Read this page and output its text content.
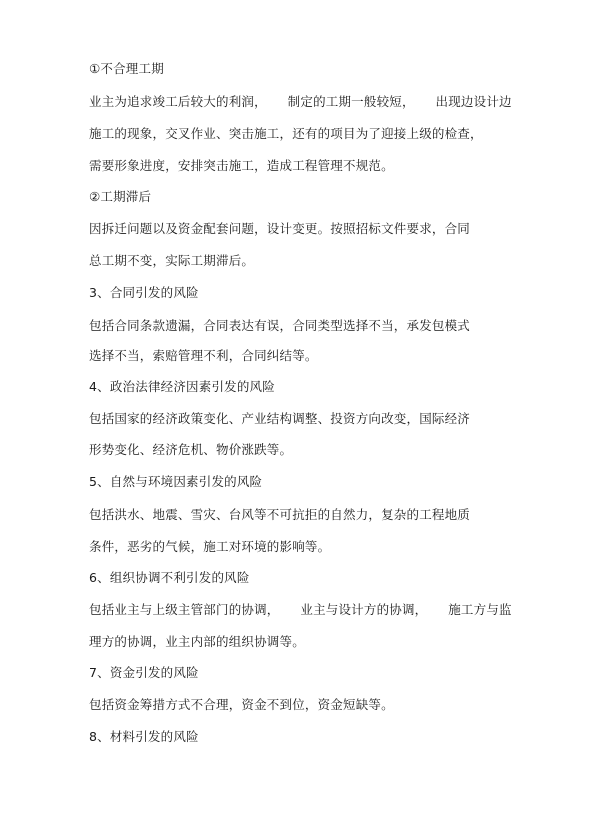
①不合理工期
业主为追求竣工后较大的利润，     制定的工期一般较短，     出现边设计边
施工的现象，交叉作业、突击施工，还有的项目为了迎接上级的检查，
需要形象进度，安排突击施工，造成工程管理不规范。
②工期滞后
因拆迁问题以及资金配套问题，设计变更。按照招标文件要求，合同
总工期不变，实际工期滞后。
3、合同引发的风险
包括合同条款遗漏，合同表达有误，合同类型选择不当，承发包模式
选择不当，索赔管理不利，合同纠结等。
4、政治法律经济因素引发的风险
包括国家的经济政策变化、产业结构调整、投资方向改变，国际经济
形势变化、经济危机、物价涨跌等。
5、自然与环境因素引发的风险
包括洪水、地震、雪灾、台风等不可抗拒的自然力，复杂的工程地质
条件，恶劣的气候，施工对环境的影响等。
6、组织协调不利引发的风险
包括业主与上级主管部门的协调，     业主与设计方的协调，     施工方与监
理方的协调，业主内部的组织协调等。
7、资金引发的风险
包括资金筹措方式不合理，资金不到位，资金短缺等。
8、材料引发的风险
